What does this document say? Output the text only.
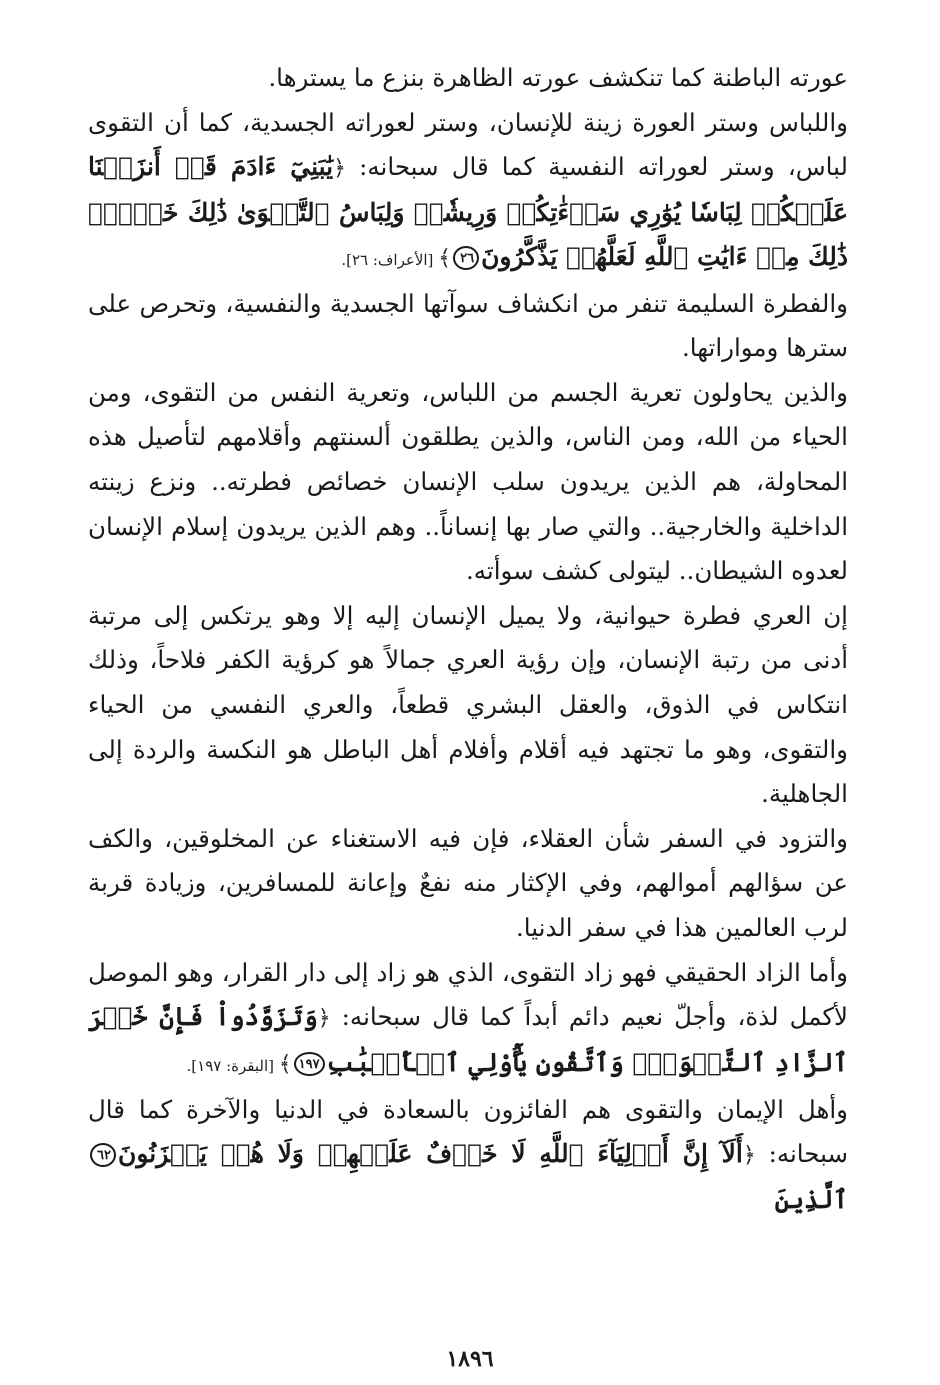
عورته الباطنة كما تنكشف عورته الظاهرة بنزع ما يسترها.

واللباس وستر العورة زينة للإنسان، وستر لعوراته الجسدية، كما أن التقوى لباس، وستر لعوراته النفسية كما قال سبحانه: ﴿يَٰبَنِيٓ ءَادَمَ قَدۡ أَنزَلۡنَا عَلَيۡكُمۡ لِبَاسٗا يُوَٰرِي سَوۡءَٰتِكُمۡ وَرِيشٗاۖ وَلِبَاسُ ٱلتَّقۡوَىٰ ذَٰلِكَ خَيۡرٞۚ ذَٰلِكَ مِنۡ ءَايَٰتِ ٱللَّهِ لَعَلَّهُمۡ يَذَّكَّرُونَ٢٦﴾ [الأعراف: ٢٦].

والفطرة السليمة تنفر من انكشاف سوآتها الجسدية والنفسية، وتحرص على سترها ومواراتها.

والذين يحاولون تعرية الجسم من اللباس، وتعرية النفس من التقوى، ومن الحياء من الله، ومن الناس، والذين يطلقون ألسنتهم وأقلامهم لتأصيل هذه المحاولة، هم الذين يريدون سلب الإنسان خصائص فطرته.. ونزع زينته الداخلية والخارجية.. والتي صار بها إنساناً.. وهم الذين يريدون إسلام الإنسان لعدوه الشيطان.. ليتولى كشف سوأته.

إن العري فطرة حيوانية، ولا يميل الإنسان إليه إلا وهو يرتكس إلى مرتبة أدنى من رتبة الإنسان، وإن رؤية العري جمالاً هو كرؤية الكفر فلاحاً، وذلك انتكاس في الذوق، والعقل البشري قطعاً، والعري النفسي من الحياء والتقوى، وهو ما تجتهد فيه أقلام وأفلام أهل الباطل هو النكسة والردة إلى الجاهلية.

والتزود في السفر شأن العقلاء، فإن فيه الاستغناء عن المخلوقين، والكف عن سؤالهم أموالهم، وفي الإكثار منه نفعٌ وإعانة للمسافرين، وزيادة قربة لرب العالمين هذا في سفر الدنيا.

وأما الزاد الحقيقي فهو زاد التقوى، الذي هو زاد إلى دار القرار، وهو الموصل لأكمل لذة، وأجلّ نعيم دائم أبداً كما قال سبحانه: ﴿وَتَزَوَّدُواْ فَإِنَّ خَيۡرَ ٱلزَّادِ ٱلتَّقۡوَىٰۖ وَٱتَّقُونِ يَٰٓأُوْلِي ٱلۡأَلۡبَٰبِ١٩٧﴾ [البقرة: ١٩٧].

وأهل الإيمان والتقوى هم الفائزون بالسعادة في الدنيا والآخرة كما قال سبحانه: ﴿أَلَآ إِنَّ أَوۡلِيَآءَ ٱللَّهِ لَا خَوۡفٌ عَلَيۡهِمۡ وَلَا هُمۡ يَحۡزَنُونَ٦٢ ٱلَّذِينَ

١٨٩٦
